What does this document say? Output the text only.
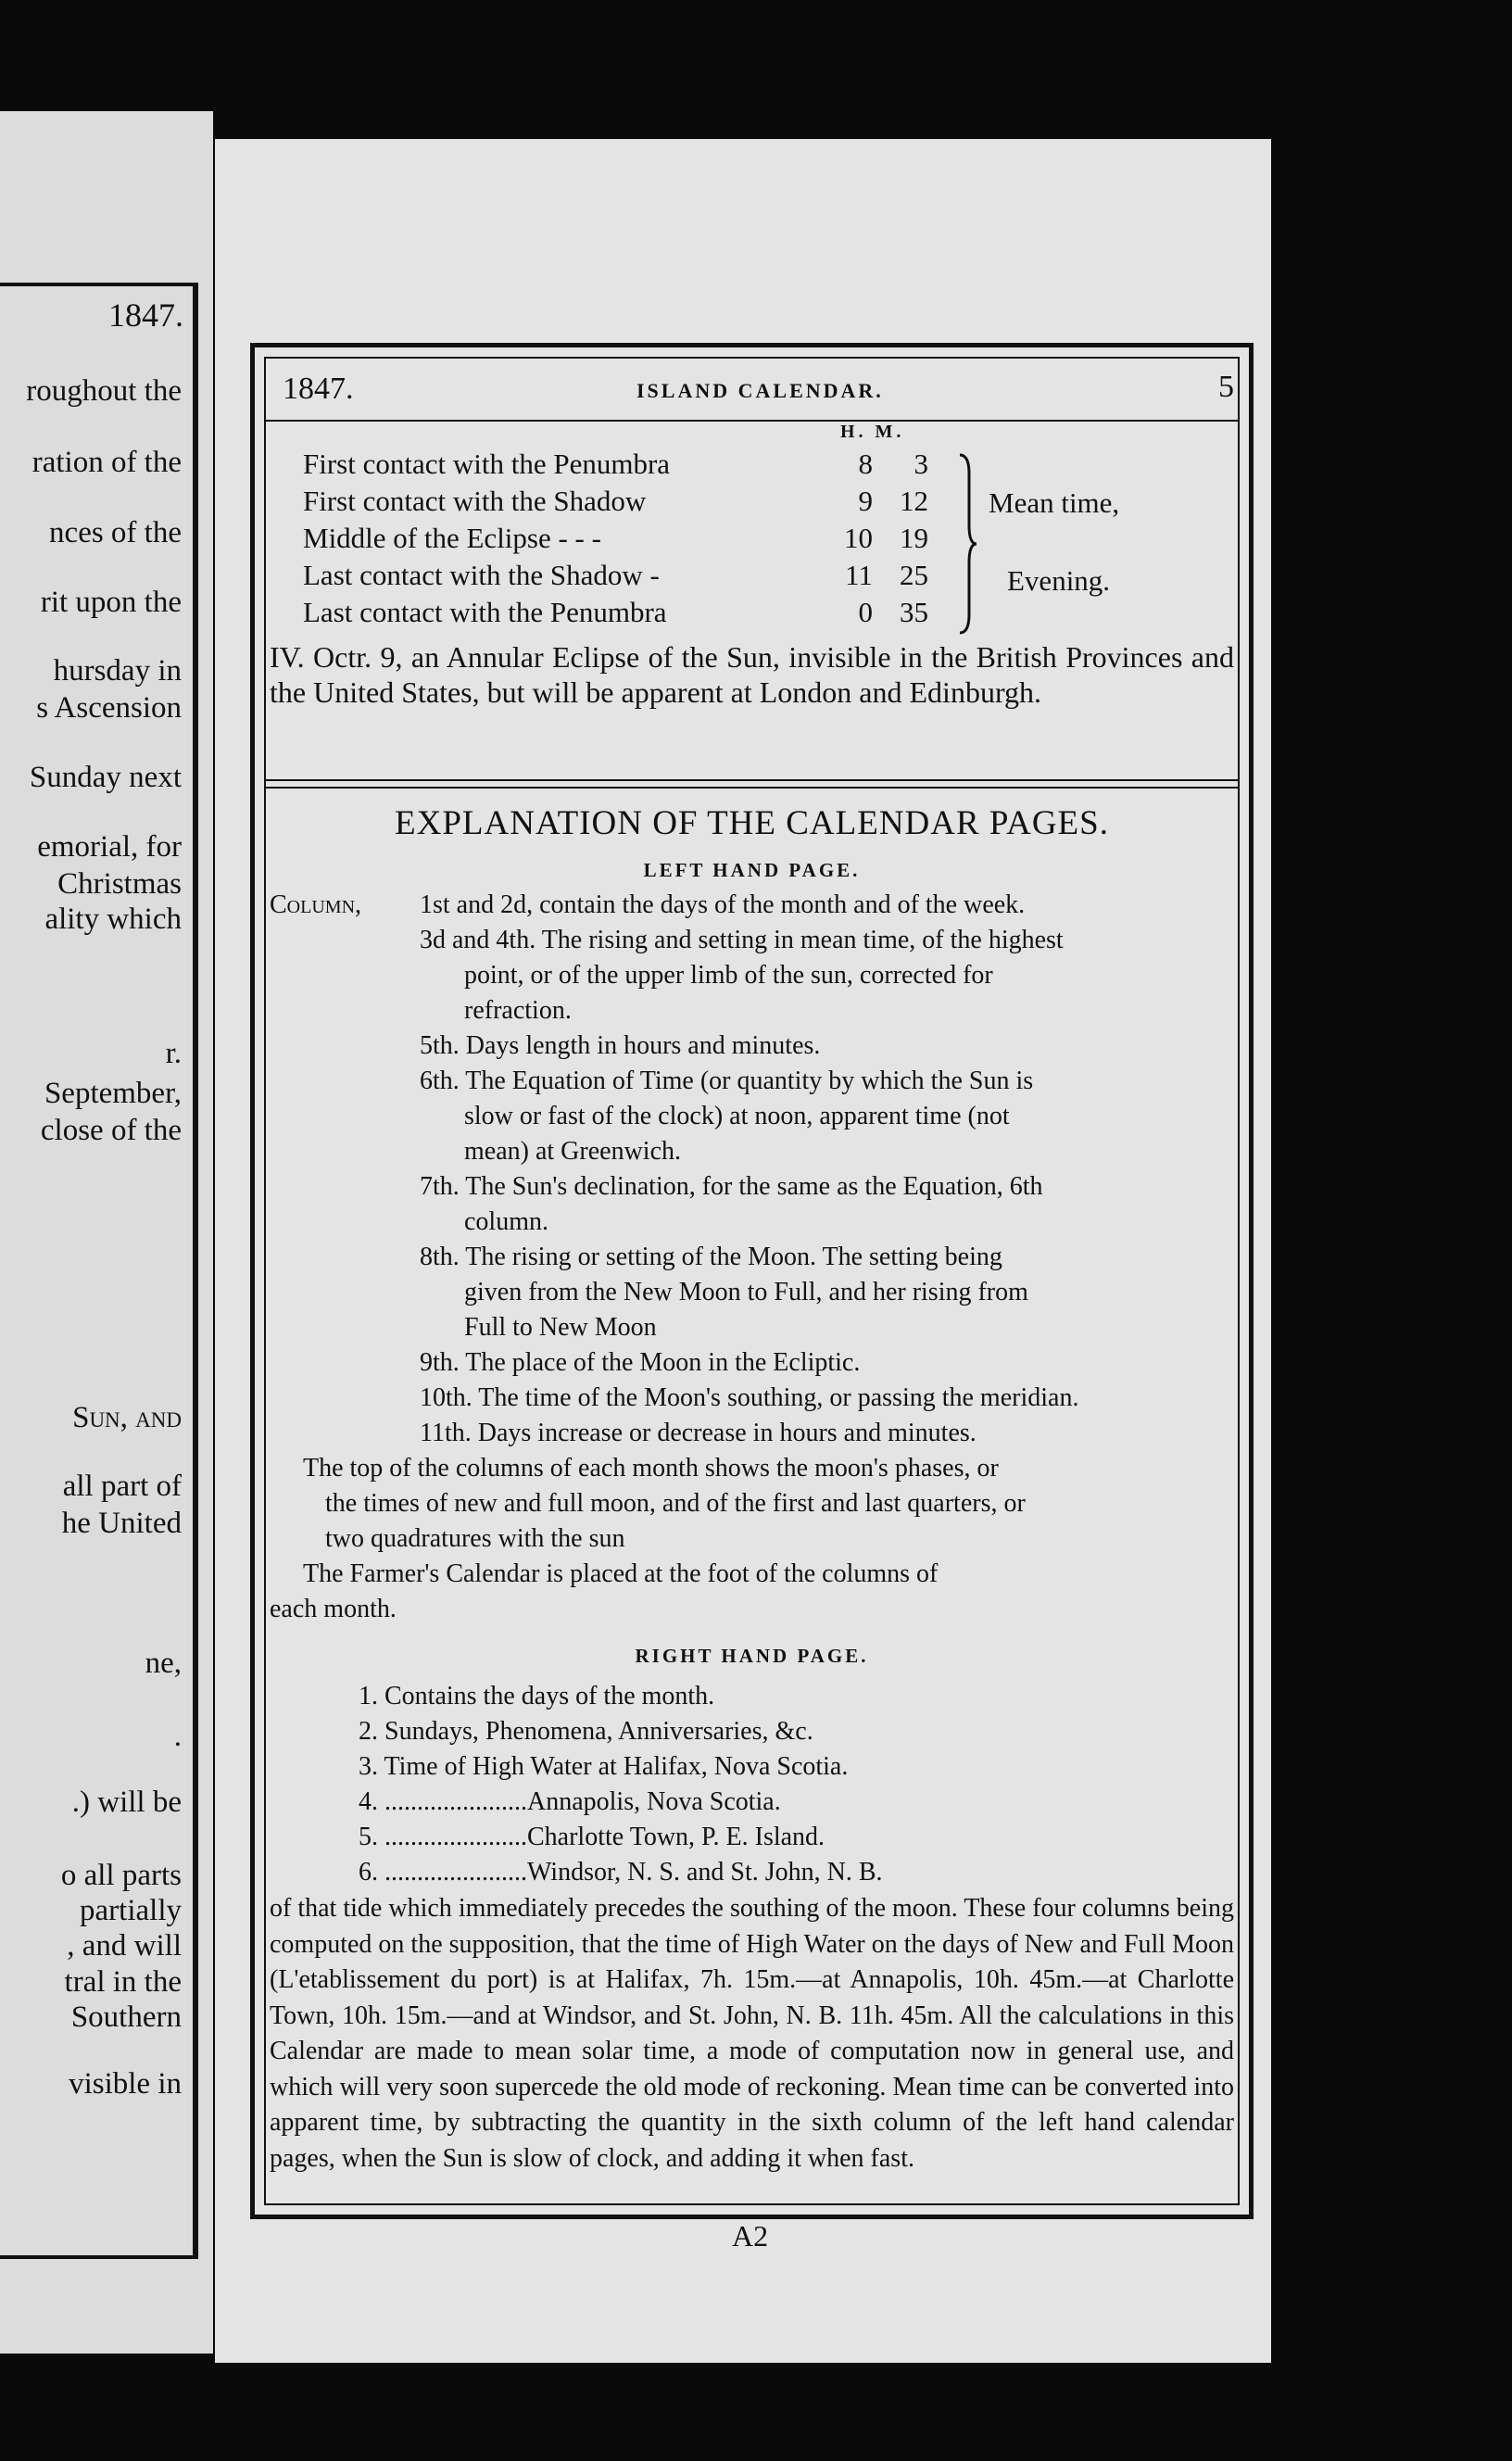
1847.
roughout the
ration of the
nces of the
rit upon the
hursday in
s Ascension
Sunday next
emorial, for
Christmas
ality which
r.
September,
close of the
Sun, and
all part of
he United
ne,
.
.) will be
o all parts
partially
, and will
tral in the
Southern
visible in
1847.	ISLAND CALENDAR.	5
H. M.
First contact with the Penumbra	8 3
First contact with the Shadow	9 12
Middle of the Eclipse - - -	10 19
Last contact with the Shadow -	11 25
Last contact with the Penumbra	0 35
Mean time,
Evening.
IV. Octr. 9, an Annular Eclipse of the Sun, invisible in the British Provinces and the United States, but will be apparent at London and Edinburgh.
EXPLANATION OF THE CALENDAR PAGES.
LEFT HAND PAGE.
Column, 1st and 2d, contain the days of the month and of the week.
3d and 4th. The rising and setting in mean time, of the highest
point, or of the upper limb of the sun, corrected for
refraction.
5th. Days length in hours and minutes.
6th. The Equation of Time (or quantity by which the Sun is
slow or fast of the clock) at noon, apparent time (not
mean) at Greenwich.
7th. The Sun's declination, for the same as the Equation, 6th
column.
8th. The rising or setting of the Moon. The setting being
given from the New Moon to Full, and her rising from
Full to New Moon
9th. The place of the Moon in the Ecliptic.
10th. The time of the Moon's southing, or passing the meridian.
11th. Days increase or decrease in hours and minutes.
The top of the columns of each month shows the moon's phases, or
the times of new and full moon, and of the first and last quarters, or
two quadratures with the sun
The Farmer's Calendar is placed at the foot of the columns of
each month.
RIGHT HAND PAGE.
1. Contains the days of the month.
2. Sundays, Phenomena, Anniversaries, &c.
3. Time of High Water at Halifax, Nova Scotia.
4. ......................Annapolis, Nova Scotia.
5. ......................Charlotte Town, P. E. Island.
6. ......................Windsor, N. S. and St. John, N. B.
of that tide which immediately precedes the southing of the moon. These four columns being computed on the supposition, that the time of High Water on the days of New and Full Moon (L'etablissement du port) is at Halifax, 7h. 15m.—at Annapolis, 10h. 45m.—at Charlotte Town, 10h. 15m.—and at Windsor, and St. John, N. B. 11h. 45m. All the calculations in this Calendar are made to mean solar time, a mode of computation now in general use, and which will very soon supercede the old mode of reckoning. Mean time can be converted into apparent time, by subtracting the quantity in the sixth column of the left hand calendar pages, when the Sun is slow of clock, and adding it when fast.
A2
